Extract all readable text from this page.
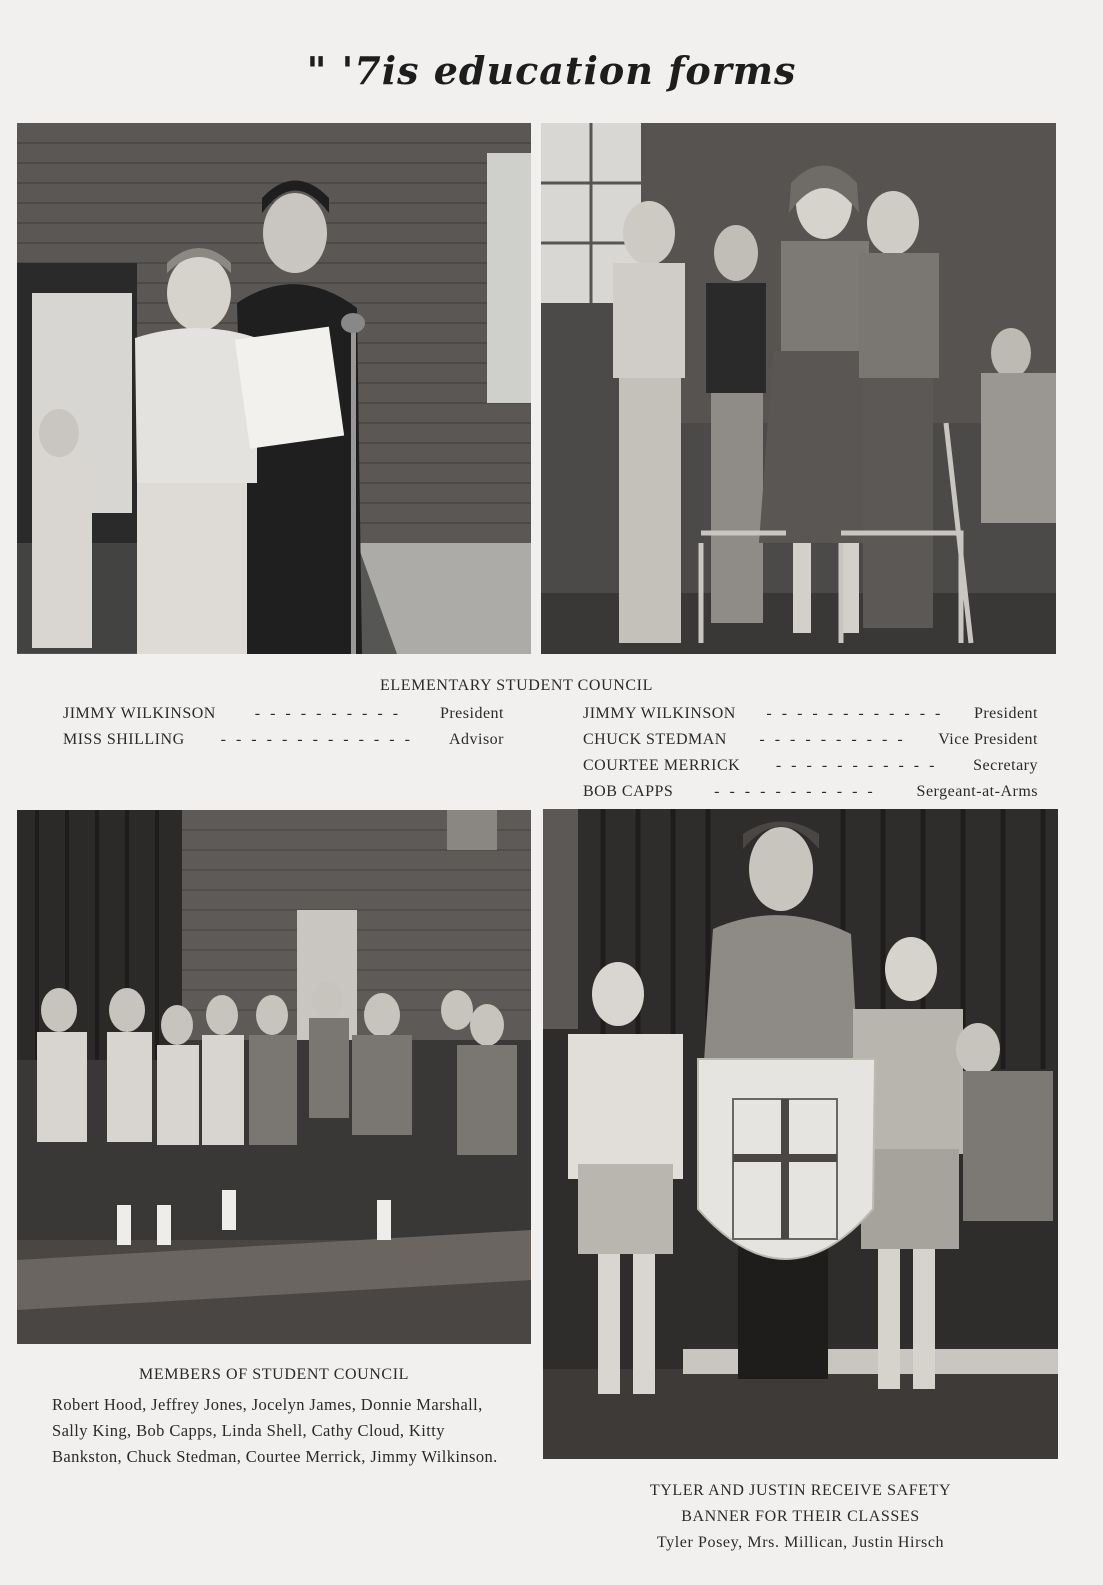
" '7is education forms
ELEMENTARY STUDENT COUNCIL
JIMMY WILKINSON	- - - - - - - - - -	President
MISS SHILLING	- - - - - - - - - - - - -	Advisor
JIMMY WILKINSON	- - - - - - - - - - - -	President
CHUCK STEDMAN	- - - - - - - - - -	Vice President
COURTEE MERRICK	- - - - - - - - - - -	Secretary
BOB CAPPS	- - - - - - - - - - -	Sergeant-at-Arms
MEMBERS OF STUDENT COUNCIL
Robert Hood, Jeffrey Jones, Jocelyn James, Donnie Marshall, Sally King, Bob Capps, Linda Shell, Cathy Cloud, Kitty Bankston, Chuck Stedman, Courtee Merrick, Jimmy Wilkinson.
TYLER AND JUSTIN RECEIVE SAFETY
BANNER FOR THEIR CLASSES
Tyler Posey, Mrs. Millican, Justin Hirsch
